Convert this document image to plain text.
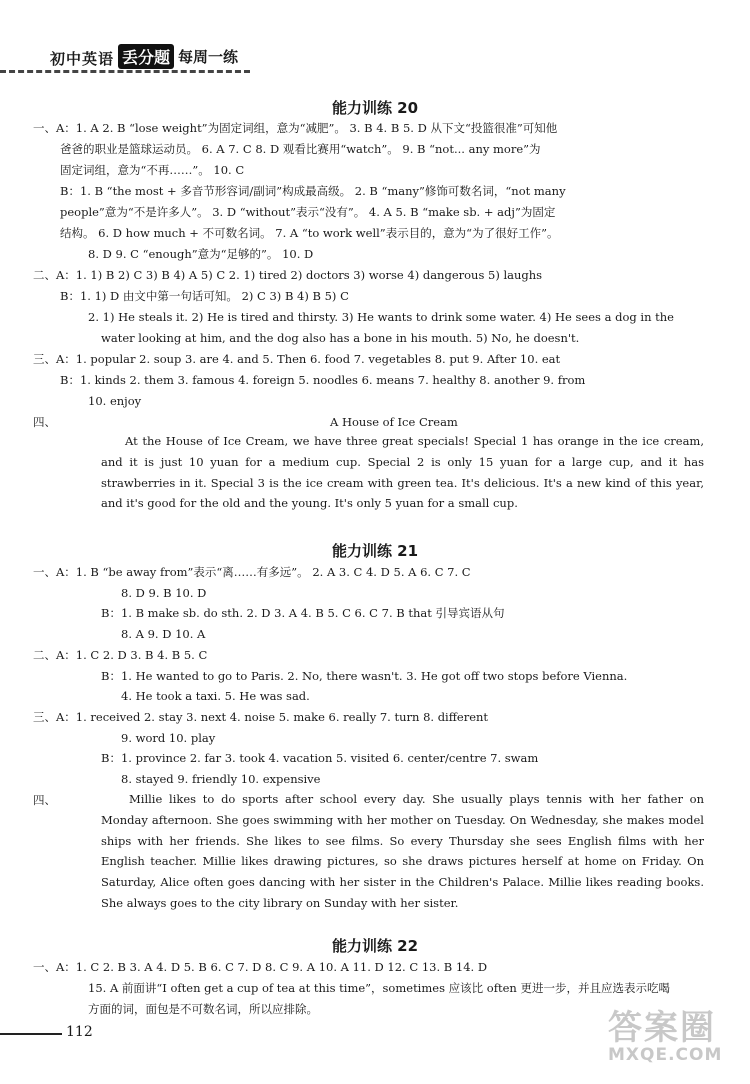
初中英语 丢分题 每周一练
能力训练 20
一、A：1. A 2. B “lose weight”为固定词组，意为“减肥”。 3. B 4. B 5. D 从下文“投篮很准”可知他
爸爸的职业是篮球运动员。 6. A 7. C 8. D 观看比赛用“watch”。 9. B “not... any more”为
固定词组，意为“不再……”。 10. C
B：1. B “the most + 多音节形容词/副词”构成最高级。 2. B “many”修饰可数名词，“not many
people”意为“不是许多人”。 3. D “without”表示“没有”。 4. A 5. B “make sb. + adj”为固定
结构。 6. D how much + 不可数名词。 7. A “to work well”表示目的，意为“为了很好工作”。
8. D 9. C “enough”意为“足够的”。 10. D
二、A：1. 1) B 2) C 3) B 4) A 5) C 2. 1) tired 2) doctors 3) worse 4) dangerous 5) laughs
B：1. 1) D 由文中第一句话可知。 2) C 3) B 4) B 5) C
2. 1) He steals it. 2) He is tired and thirsty. 3) He wants to drink some water. 4) He sees a dog in the
water looking at him, and the dog also has a bone in his mouth. 5) No, he doesn't.
三、A：1. popular 2. soup 3. are 4. and 5. Then 6. food 7. vegetables 8. put 9. After 10. eat
B：1. kinds 2. them 3. famous 4. foreign 5. noodles 6. means 7. healthy 8. another 9. from
10. enjoy
四、	A House of Ice Cream
At the House of Ice Cream, we have three great specials! Special 1 has orange in the ice cream, and it is just 10 yuan for a medium cup. Special 2 is only 15 yuan for a large cup, and it has strawberries in it. Special 3 is the ice cream with green tea. It's delicious. It's a new kind of this year, and it's good for the old and the young. It's only 5 yuan for a small cup.
能力训练 21
一、A：1. B “be away from”表示“离……有多远”。 2. A 3. C 4. D 5. A 6. C 7. C
8. D 9. B 10. D
B：1. B make sb. do sth. 2. D 3. A 4. B 5. C 6. C 7. B that 引导宾语从句
8. A 9. D 10. A
二、A：1. C 2. D 3. B 4. B 5. C
B：1. He wanted to go to Paris. 2. No, there wasn't. 3. He got off two stops before Vienna.
4. He took a taxi. 5. He was sad.
三、A：1. received 2. stay 3. next 4. noise 5. make 6. really 7. turn 8. different
9. word 10. play
B：1. province 2. far 3. took 4. vacation 5. visited 6. center/centre 7. swam
8. stayed 9. friendly 10. expensive
四、	Millie likes to do sports after school every day. She usually plays tennis with her father on Monday afternoon. She goes swimming with her mother on Tuesday. On Wednesday, she makes model ships with her friends. She likes to see films. So every Thursday she sees English films with her English teacher. Millie likes drawing pictures, so she draws pictures herself at home on Friday. On Saturday, Alice often goes dancing with her sister in the Children's Palace. Millie likes reading books. She always goes to the city library on Sunday with her sister.
能力训练 22
一、A：1. C 2. B 3. A 4. D 5. B 6. C 7. D 8. C 9. A 10. A 11. D 12. C 13. B 14. D
15. A 前面讲“I often get a cup of tea at this time”，sometimes 应该比 often 更进一步，并且应选表示吃喝
方面的词，面包是不可数名词，所以应排除。
112	答案圈
MXQE.COM
